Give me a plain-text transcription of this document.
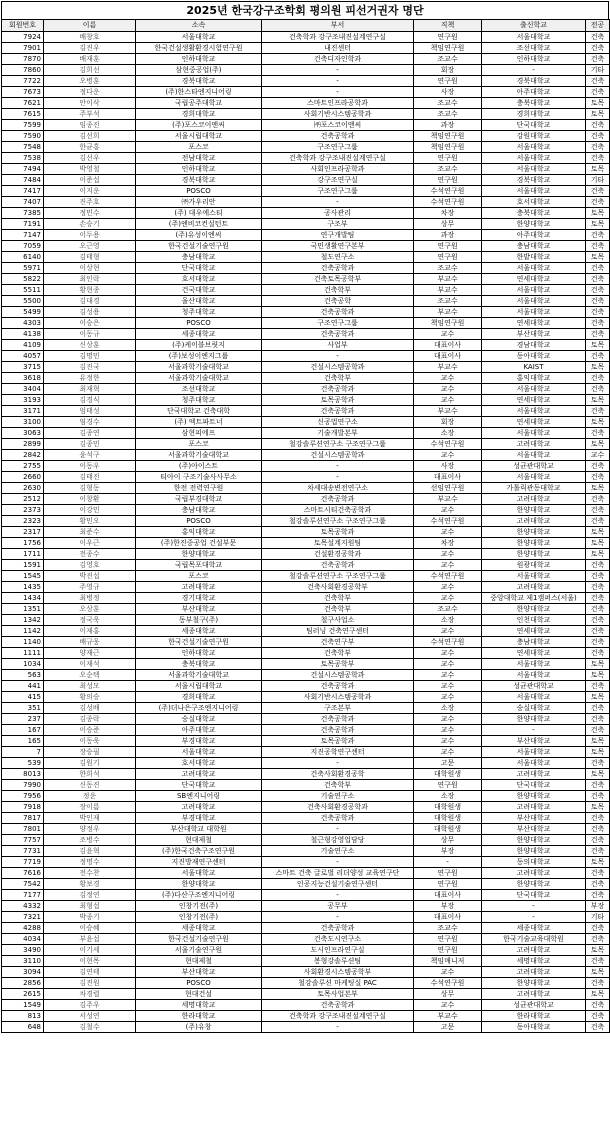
2025년 한국강구조학회 평의원 피선거권자 명단
회원번호	이름	소속	부서	직책	출신학교	전공
7924	배창호	서울대학교	건축학과 강구조내진설계연구실	연구원	서울대학교	건축
7901	김진우	한국건설생활환경시험연구원	내진센터	책임연구원	조선대학교	건축
7870	배재훈	인하대학교	건축디자인학과	조교수	인하대학교	건축
7860	김희선	삼현중공업(주)	-	회장	-	기타
7722	오병훈	경북대학교	-	연구원	경북대학교	건축
7673	정다운	(주)한스타엔지니어링	-	사장	아주대학교	건축
7621	안이삭	국립공주대학교	스마트인프라공학과	조교수	충북대학교	토목
7615	주부석	경희대학교	사회기반시스템공학과	조교수	경희대학교	토목
7599	임종진	(주)포스코이앤씨	㈜포스코이앤씨	과장	단국대학교	건축
7590	김선희	서울시립대학교	건축공학과	책임연구원	강원대학교	건축
7548	한균홍	포스코	구조연구그룹	책임연구원	서울대학교	건축
7538	김선우	전남대학교	건축학과 강구조내진설계연구실	연구원	서울대학교	건축
7494	박영철	인하대학교	사회인프라공학과	조교수	서울대학교	토목
7484	이준섭	경북대학교	강구조연구실	연구원	경북대학교	기타
7417	이지운	POSCO	구조연구그룹	수석연구원	서울대학교	건축
7407	진주호	㈜가우리안	-	수석연구원	호서대학교	건축
7385	정민수	(주) 대우에스티	공사관리	차장	충북대학교	토목
7191	손승기	(주)엔비코컨설턴트	구조부	상무	한양대학교	토목
7147	이두용	(주)유성이엔씨	연구개발팀	과장	아주대학교	건축
7059	오근영	한국건설기술연구원	국민생활연구본부	연구원	충남대학교	건축
6140	김태형	충남대학교	철도연구소	연구원	한밭대학교	토목
5971	이상현	단국대학교	건축공학과	조교수	서울대학교	건축
5822	최인락	호서대학교	건축토목공학부	부교수	연세대학교	건축
5511	황현종	건국대학교	건축학부	부교수	서울대학교	건축
5500	김대경	울산대학교	건축공학	조교수	서울대학교	건축
5499	김성용	청주대학교	건축공학과	부교수	서울대학교	건축
4303	이승은	POSCO	구조연구그룹	책임연구원	연세대학교	건축
4138	이동규	세종대학교	건축공학과	교수	부산대학교	건축
4109	신상훈	(주)케이블브릿지	사업부	대표이사	경남대학교	토목
4057	김명민	(주)보성이엔지그룹	-	대표이사	동아대학교	건축
3715	김진국	서울과학기술대학교	건설시스템공학과	부교수	KAIST	토목
3618	유정한	서울과학기술대학교	건축학부	교수	홍익대학교	건축
3404	최재혁	조선대학교	건축공학과	교수	서울대학교	건축
3193	김경식	청주대학교	토목공학과	교수	연세대학교	토목
3171	엄태성	단국대학교 건축대학	건축공학과	부교수	서울대학교	건축
3100	염경수	(주) 엑트파트너	신공법연구소	회장	연세대학교	토목
3063	김종연	삼현피에프	기술개발본부	소장	서울대학교	건축
2899	김종민	포스코	철강솔루션연구소 구조연구그룹	수석연구원	고려대학교	토목
2842	윤석구	서울과학기술대학교	건설시스템공학과	교수	서울대학교	교수
2755	이동우	(주)아이스트	-	사장	성균관대학교	건축
2660	김태진	티아이 구조기술사사무소	-	대표이사	서울대학교	건축
2630	김형동	한전 전력연구원	차세대송변전연구소	선임연구원	가톨릭관동대학교	토목
2512	이창환	국립부경대학교	건축공학과	부교수	고려대학교	건축
2373	이강민	충남대학교	스마트시티건축공학과	교수	한양대학교	건축
2323	황민오	POSCO	철강솔루션연구소 구조연구그룹	수석연구원	고려대학교	건축
2317	최준수	홍익대학교	토목공학과	교수	한양대학교	토목
1756	이우근	(주)한진중공업 건설부문	토목설계지원팀	차장	한양대학교	토목
1711	전종수	한양대학교	건설환경공학과	교수	한양대학교	토목
1591	김영호	국립목포대학교	건축공학과	교수	원광대학교	건축
1545	박진섭	포스코	철강솔루션연구소 구조연구그룹	수석연구원	서울대학교	건축
1435	주영규	고려대학교	건축사회환경공학부	교수	고려대학교	건축
1434	최병정	경기대학교	건축학부	교수	중앙대학교 제1캠퍼스(서울)	건축
1351	오상훈	부산대학교	건축학부	조교수	한양대학교	건축
1342	정국욱	동부철구(주)	철구사업소	소장	인천대학교	건축
1142	이재홍	세종대학교	팀러닝 건축연구센터	교수	연세대학교	건축
1140	배규웅	한국건설기술연구원	건축연구부	수석연구원	충남대학교	건축
1111	양재근	인하대학교	건축학부	교수	연세대학교	건축
1034	이재석	충북대학교	토목공학부	교수	서울대학교	토목
563	오순택	서울과학기술대학교	건설시스템공학과	교수	서울대학교	토목
441	최성모	서울시립대학교	건축공학과	교수	성균관대학교	건축
415	황의승	경희대학교	사회기반시스템공학과	교수	서울대학교	토목
351	김성배	(주)더나은구조엔지니어링	구조본부	소장	숭실대학교	건축
237	김종락	숭실대학교	건축공학과	교수	한양대학교	건축
167	이승준	아주대학교	건축공학과	교수	-	건축
165	이동욱	부경대학교	토목공학과	교수	부산대학교	토목
7	장승필	서울대학교	지진공학연구센터	교수	서울대학교	토목
539	김원기	호서대학교	-	고문	서울대학교	건축
8013	한희석	고려대학교	건축사회환경공학	대학원생	고려대학교	토목
7990	신동진	단국대학교	건축학부	연구원	단국대학교	건축
7956	정운	SB엔지니어링	기술연구소	소장	한양대학교	건축
7918	장이름	고려대학교	건축사회환경공학과	대학원생	고려대학교	토목
7817	박인재	부경대학교	건축공학과	대학원생	부산대학교	건축
7801	양정우	부산대학교 대학원	-	대학원생	부산대학교	건축
7757	조병수	현대제철	철근형강영업담당	상무	한양대학교	건축
7731	김윤혁	(주)한국건축구조연구원	기술연구소	부장	한양대학교	건축
7719	정명수	지진방재연구센터	-	-	동의대학교	토목
7616	전수찬	서울대학교	스마트 건축 글로벌 리더양성 교육연구단	연구원	고려대학교	건축
7542	황보경	한양대학교	인공지능건설기술연구센터	연구원	한양대학교	건축
7177	김정연	(주)다산구조엔지니어링	-	대표이사	단국대학교	건축
4332	최형섭	인창기전(주)	공무부	부장	-	부장
7321	박종기	인창기전(주)	-	대표이사	-	기타
4288	이승혜	세종대학교	건축공학과	조교수	세종대학교	건축
4034	부윤섭	한국건설기술연구원	건축도시연구소	연구원	한국기술교육대학원	건축
3490	이기세	서울기술연구원	도시인프라연구실	연구원	고려대학교	토목
3110	이현목	현대제철	봉형강솔루션팀	책임매니저	세명대학교	건축
3094	김연태	부산대학교	사회환경시스템공학부	교수	고려대학교	토목
2856	김진원	POSCO	철강솔루션 마케팅실 PAC	수석연구원	한양대학교	건축
2615	차경렬	현대건설	토목사업본부	상무	고려대학교	토목
1549	김주우	세명대학교	건축공학과	교수	성균관대학교	건축
813	서성연	한라대학교	건축학과 강구조내진설계연구실	부교수	한라대학교	건축
648	김철수	(주)유창	-	고문	동아대학교	건축
